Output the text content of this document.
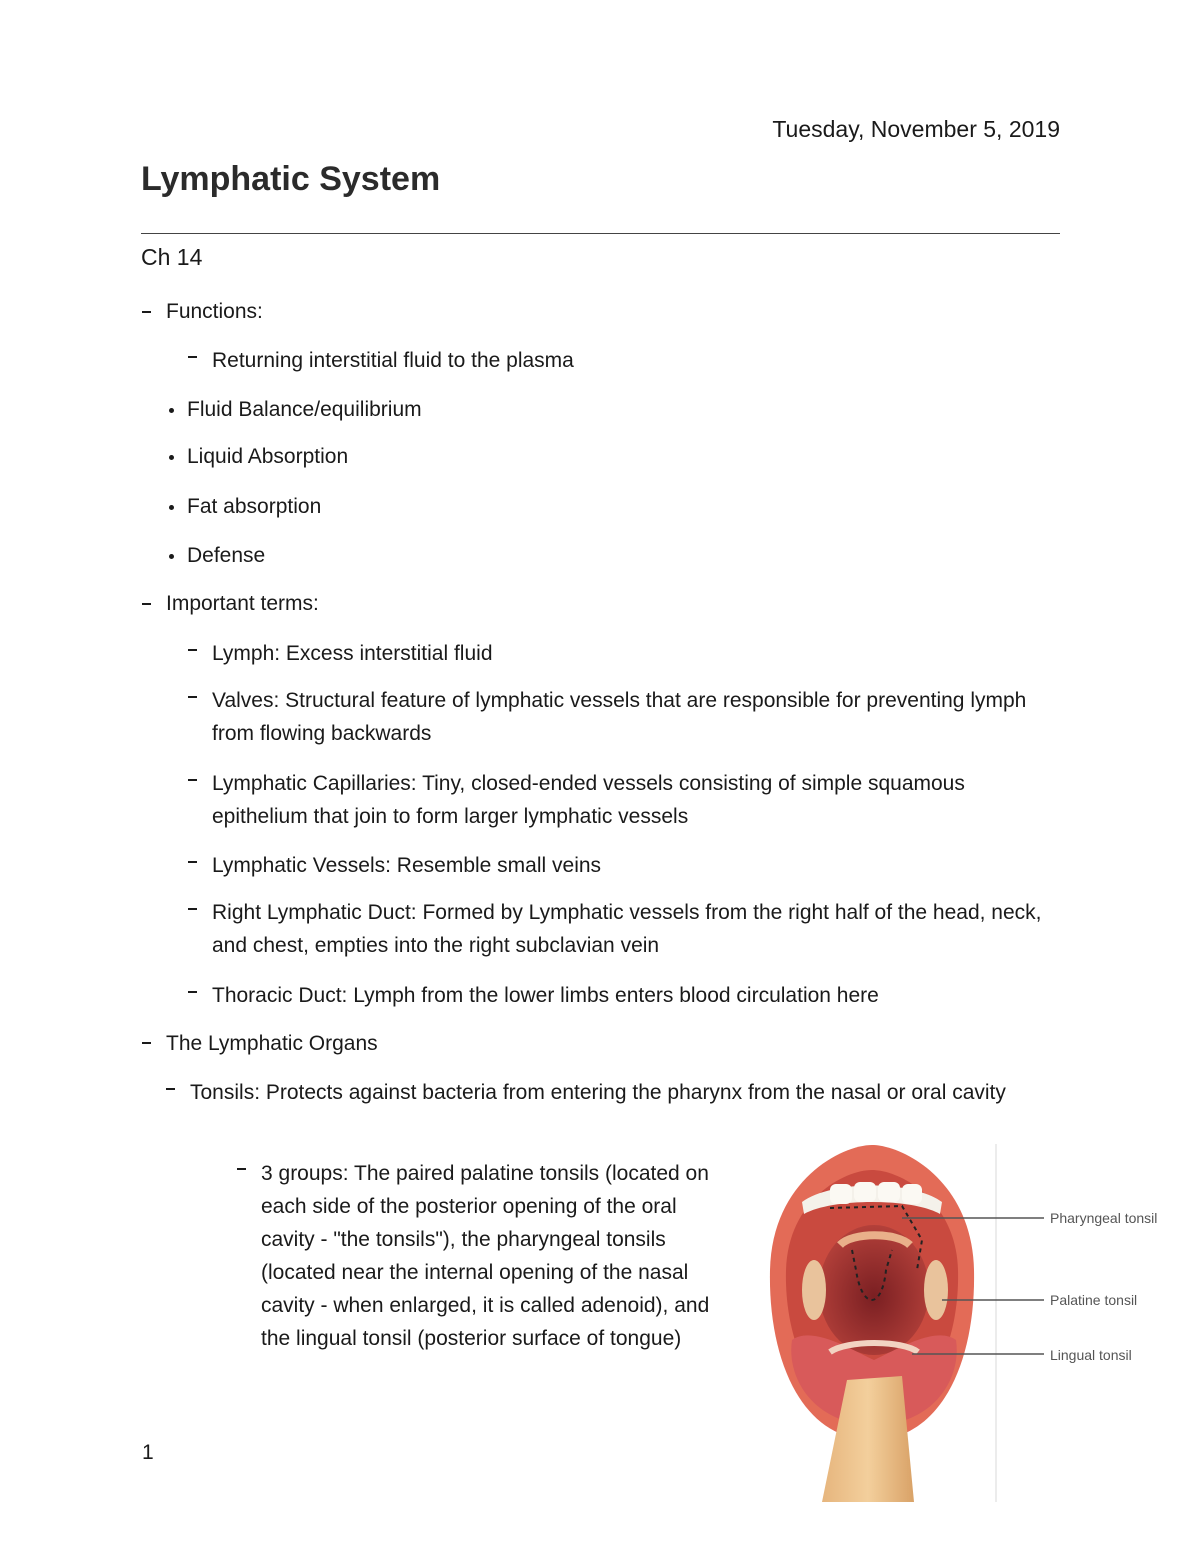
Tuesday, November 5, 2019
Lymphatic System
Ch 14
Functions:
Returning interstitial fluid to the plasma
Fluid Balance/equilibrium
Liquid Absorption
Fat absorption
Defense
Important terms:
Lymph: Excess interstitial fluid
Valves: Structural feature of lymphatic vessels that are responsible for preventing lymph from flowing backwards
Lymphatic Capillaries: Tiny, closed-ended vessels consisting of simple squamous epithelium that join to form larger lymphatic vessels
Lymphatic Vessels: Resemble small veins
Right Lymphatic Duct: Formed by Lymphatic vessels from the right half of the head, neck, and chest, empties into the right subclavian vein
Thoracic Duct: Lymph from the lower limbs enters blood circulation here
The Lymphatic Organs
Tonsils: Protects against bacteria from entering the pharynx from the nasal or oral cavity
3 groups: The paired palatine tonsils (located on each side of the posterior opening of the oral cavity - "the tonsils"), the pharyngeal tonsils (located near the internal opening of the nasal cavity - when enlarged, it is called adenoid), and the lingual tonsil (posterior surface of tongue)
Pharyngeal tonsil
Palatine tonsil
Lingual tonsil
1
